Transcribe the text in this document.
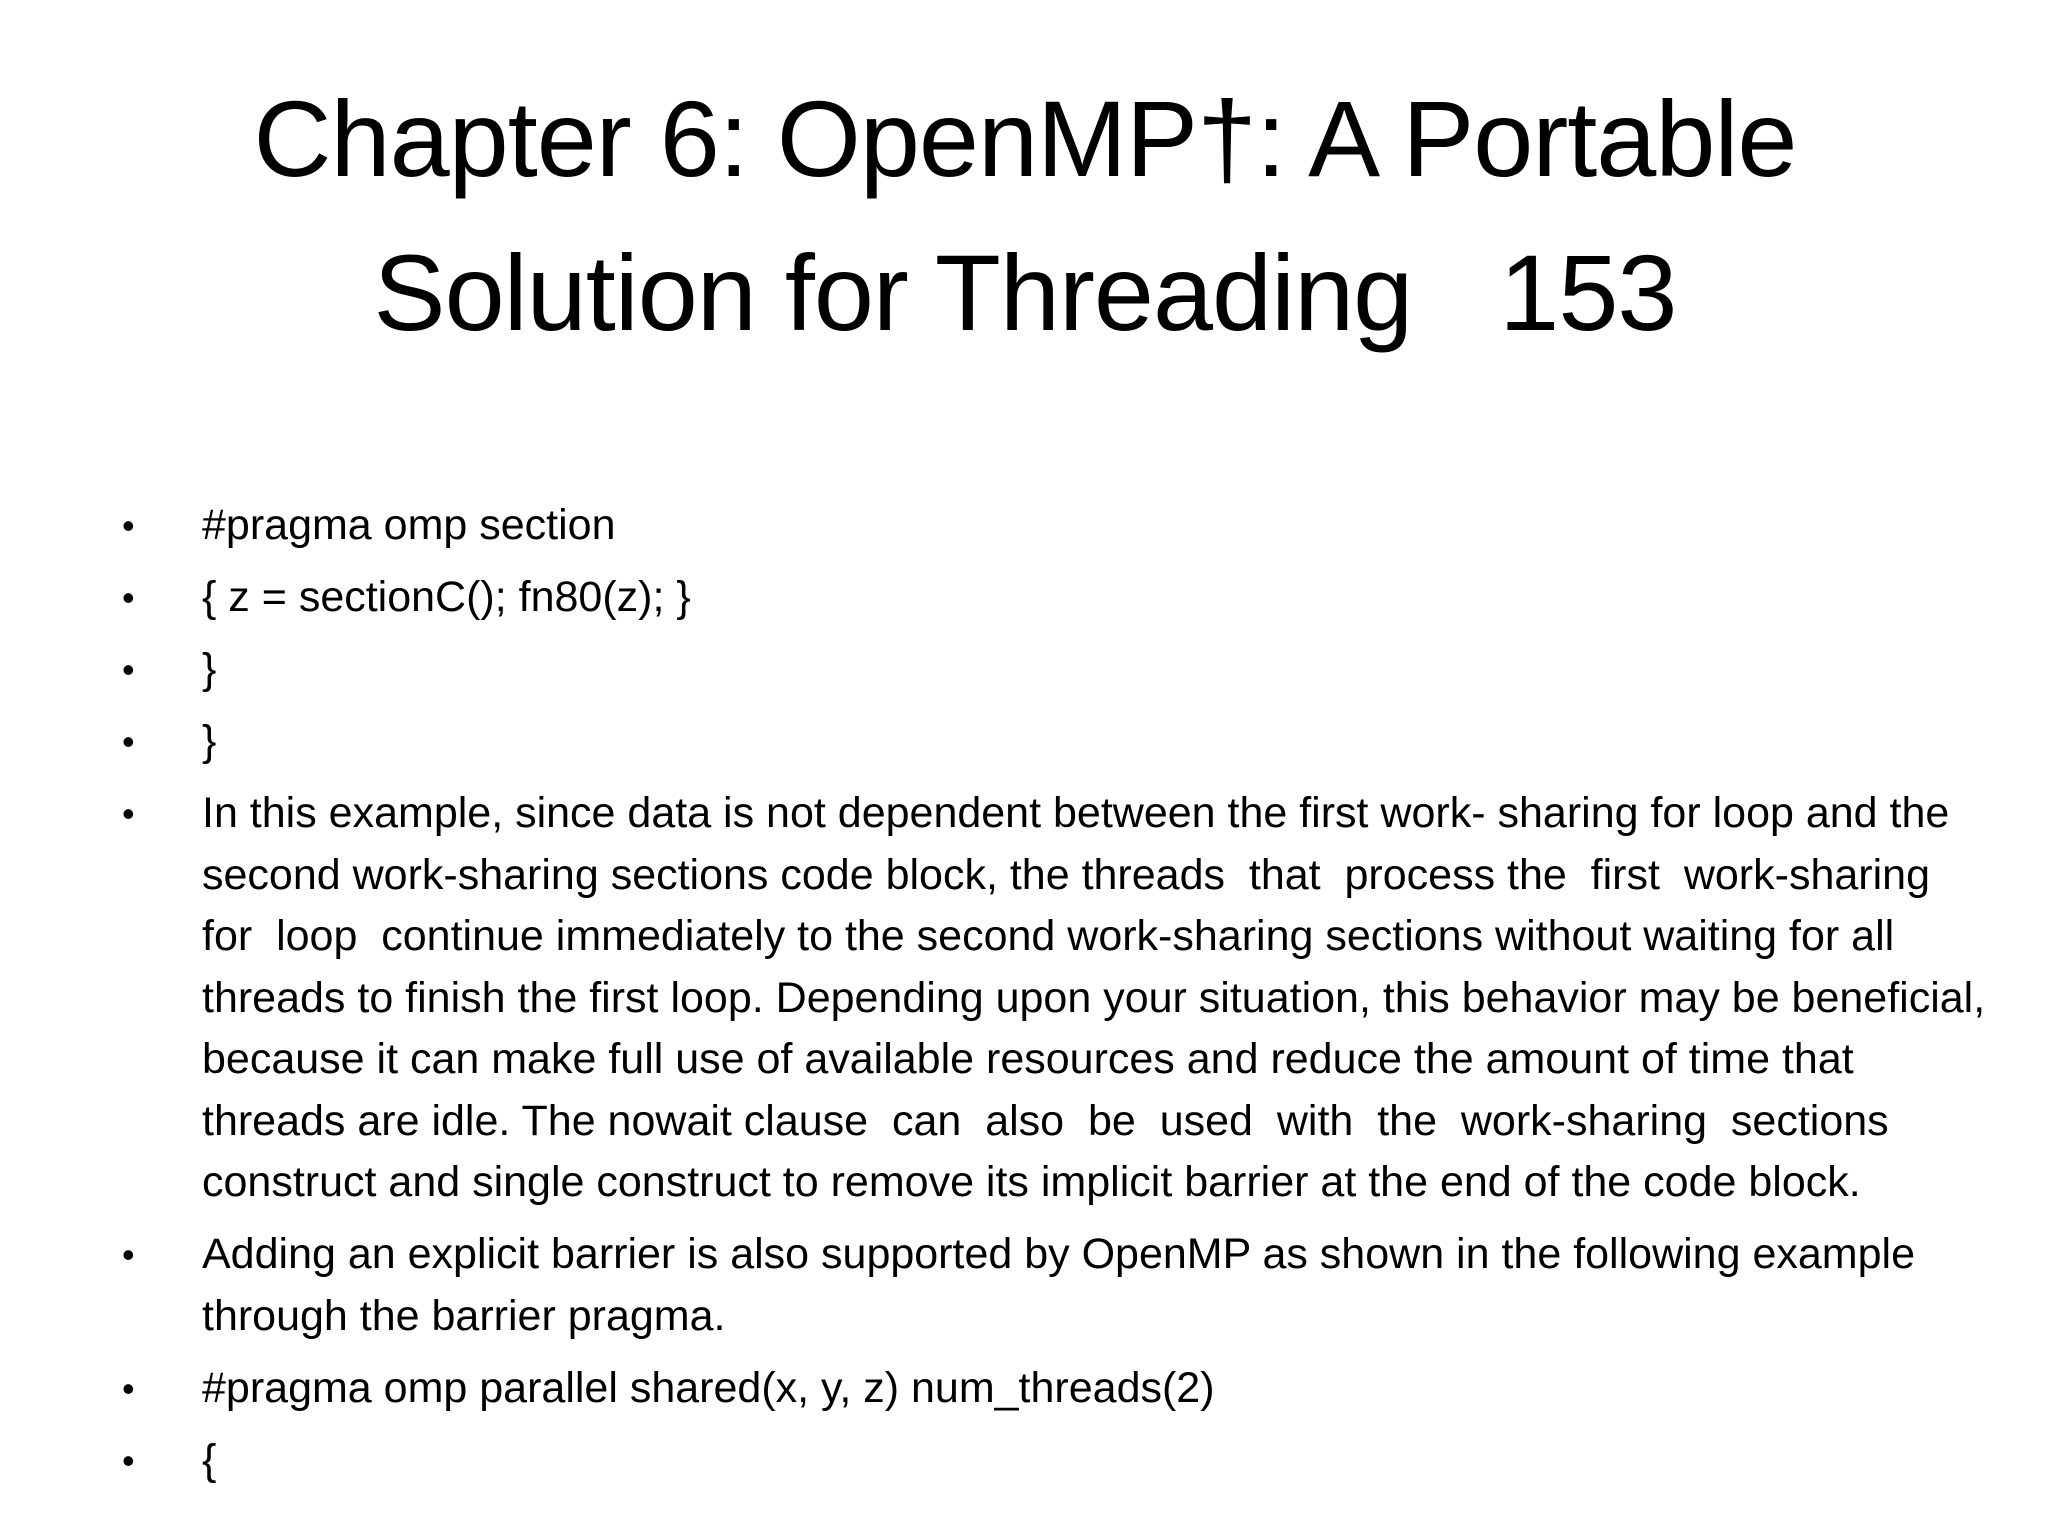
Chapter 6: OpenMP†: A Portable
Solution for Threading   153
• #pragma omp section
• { z = sectionC(); fn80(z); }
• }
• }
• In this example, since data is not dependent between the first work- sharing for loop and the second work-sharing sections code block, the threads  that  process the  first  work-sharing  for  loop  continue immediately to the second work-sharing sections without waiting for all threads to finish the first loop. Depending upon your situation, this behavior may be beneficial, because it can make full use of available resources and reduce the amount of time that threads are idle. The nowait clause  can  also  be  used  with  the  work-sharing  sections construct and single construct to remove its implicit barrier at the end of the code block.
• Adding an explicit barrier is also supported by OpenMP as shown in the following example through the barrier pragma.
• #pragma omp parallel shared(x, y, z) num_threads(2)
• {
